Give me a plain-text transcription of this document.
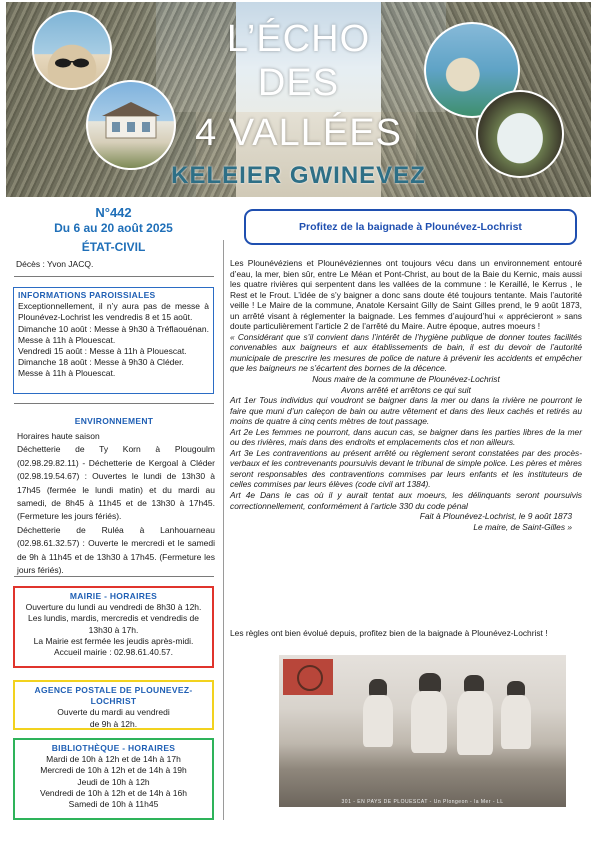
L’ÉCHO
DES
4 VALLÉES
KELEIER GWINEVEZ
N°442
Du 6 au 20 août 2025
ÉTAT-CIVIL
Décès : Yvon JACQ.
INFORMATIONS PAROISSIALES
Exceptionnellement, il n’y aura pas de messe à Plounévez-Lochrist les vendredis 8 et 15 août.
Dimanche 10 août : Messe à 9h30 à Tréflaouénan. Messe à 11h à Plouescat.
Vendredi 15 août : Messe à 11h à Plouescat.
Dimanche 18 août : Messe à 9h30 à Cléder. Messe à 11h à Plouescat.
ENVIRONNEMENT
Horaires haute saison
Déchetterie de Ty Korn à Plougoulm (02.98.29.82.11) - Déchetterie de Kergoal à Cléder (02.98.19.54.67) : Ouvertes le lundi de 13h30 à 17h45 (fermée le lundi matin) et du mardi au samedi, de 8h45 à 11h45 et de 13h30 à 17h45. (Fermeture les jours fériés).
Déchetterie de Ruléa à Lanhouarneau (02.98.61.32.57) : Ouverte le mercredi et le samedi de 9h à 11h45 et de 13h30 à 17h45. (Fermeture les jours fériés).
MAIRIE - HORAIRES
Ouverture du lundi au vendredi de 8h30 à 12h. Les lundis, mardis, mercredis et vendredis de 13h30 à 17h.
La Mairie est fermée les jeudis après-midi.
Accueil mairie : 02.98.61.40.57.
AGENCE POSTALE DE PLOUNEVEZ-LOCHRIST
Ouverte du mardi au vendredi
de 9h à 12h.
BIBLIOTHÈQUE - HORAIRES
Mardi de 10h à 12h et de 14h à 17h
Mercredi de 10h à 12h et de 14h à 19h
Jeudi de 10h à 12h
Vendredi de 10h à 12h et de 14h à 16h
Samedi de 10h à 11h45
Profitez de la baignade à Plounévez-Lochrist

Les Plounévéziens et Plounévéziennes ont toujours vécu dans un environnement entouré d’eau, la mer, bien sûr, entre Le Méan et Pont-Christ, au bout de la Baie du Kernic, mais aussi les quatre rivières qui serpentent dans les vallées de la commune : le Keraillé, le Kerrus , le Rest et le Frout. L’idée de s’y baigner a donc sans doute été toujours tentante. Mais l’autorité veille ! Le Maire de la commune, Anatole Kersaint Gilly de Saint Gilles prend, le 9 août 1873, un arrêté visant à réglementer la baignade. Les femmes d’aujourd’hui « apprécieront » sans doute particulièrement l’article 2 de l’arrêté du Maire. Autre époque, autres moeurs !

« Considérant que s’il convient dans l’intérêt de l’hygiène publique de donner toutes facilités convenables aux baigneurs et aux établissements de bain, il est du devoir de l’autorité municipale de prescrire les mesures de police de nature à prévenir les accidents et empêcher que les baigneurs ne s’écartent des bornes de la décence.

Nous maire de la commune de Plounévez-Lochrist

Avons arrêté et arrêtons ce qui suit

Art 1er Tous individus qui voudront se baigner dans la mer ou dans la rivière ne pourront le faire que muni d’un caleçon de bain ou autre vêtement et dans des lieux cachés et retirés au moins de quatre à cinq cents mètres de tout passage.

Art 2e Les femmes ne pourront, dans aucun cas, se baigner dans les parties libres de la mer ou des rivières, mais dans des endroits et emplacements clos et non ailleurs.

Art 3e Les contraventions au présent arrêté ou règlement seront constatées par des procès-verbaux et les contrevenants poursuivis devant le tribunal de simple police. Les pères et mères seront responsables des contraventions commises par leurs enfants et les instituteurs de celles commises par leurs élèves (code civil art 1384).

Art 4e Dans le cas où il y aurait tentat aux moeurs, les délinquants seront poursuivis correctionnellement, conformément à l’article 330 du code pénal

Fait à Plounévez-Lochrist, le 9 août 1873

Le maire, de Saint-Gilles »

Les règles ont bien évolué depuis, profitez bien de la baignade à Plounévez-Lochrist !
301 - EN PAYS DE PLOUESCAT - Un Plongeon - la Mer - LL
